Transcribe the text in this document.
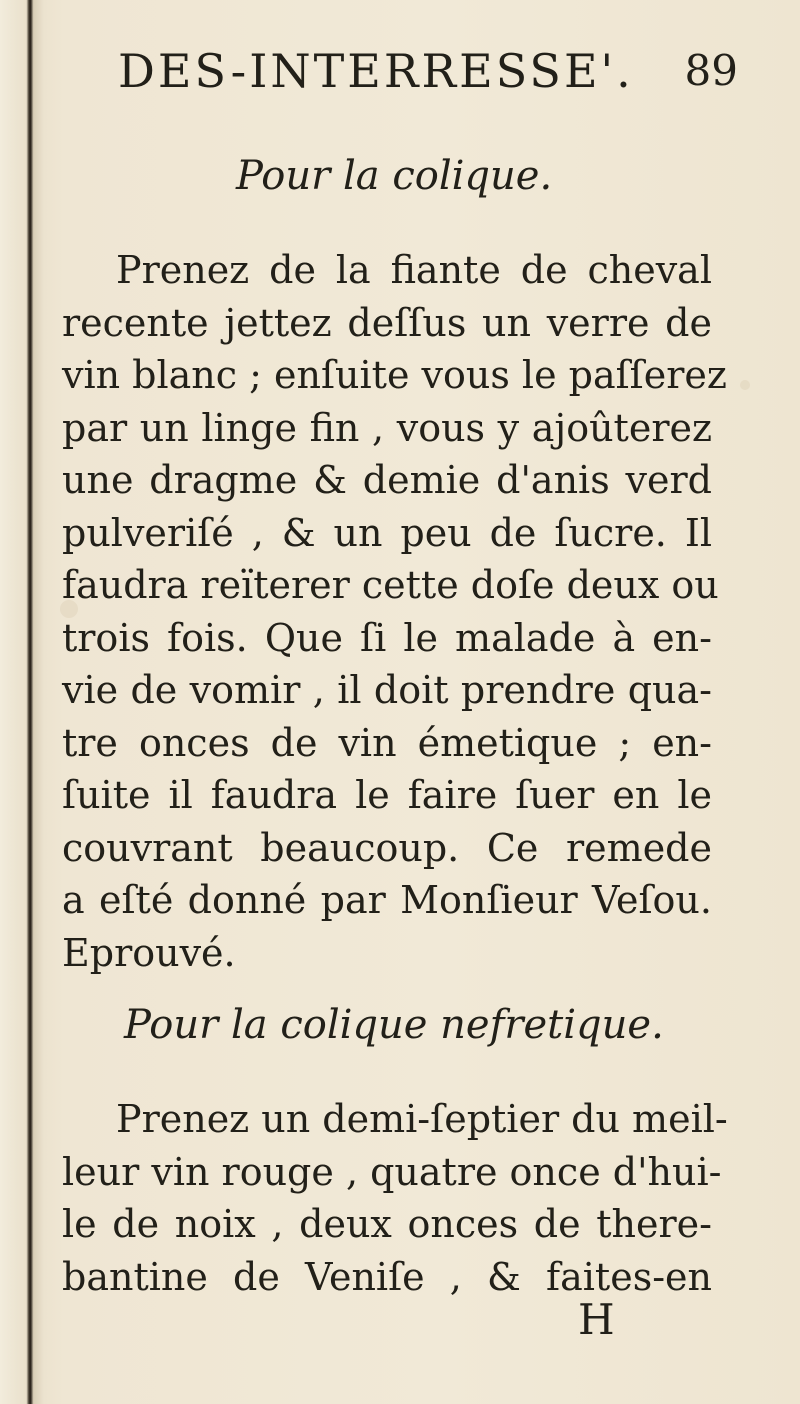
DES-INTERRESSE'. 89
Pour la colique.
Prenez de la fiante de cheval
recente jettez deſſus un verre de
vin blanc ; enſuite vous le paſſerez
par un linge fin , vous y ajoûterez
une dragme & demie d'anis verd
pulveriſé , & un peu de ſucre. Il
faudra reïterer cette doſe deux ou
trois fois. Que ſi le malade à en-
vie de vomir , il doit prendre qua-
tre onces de vin émetique ; en-
ſuite il faudra le faire ſuer en le
couvrant beaucoup. Ce remede
a eſté donné par Monſieur Veſou.
Eprouvé.
Pour la colique nefretique.
Prenez un demi-ſeptier du meil-
leur vin rouge , quatre once d'hui-
le de noix , deux onces de there-
bantine de Veniſe , & faites-en
H
